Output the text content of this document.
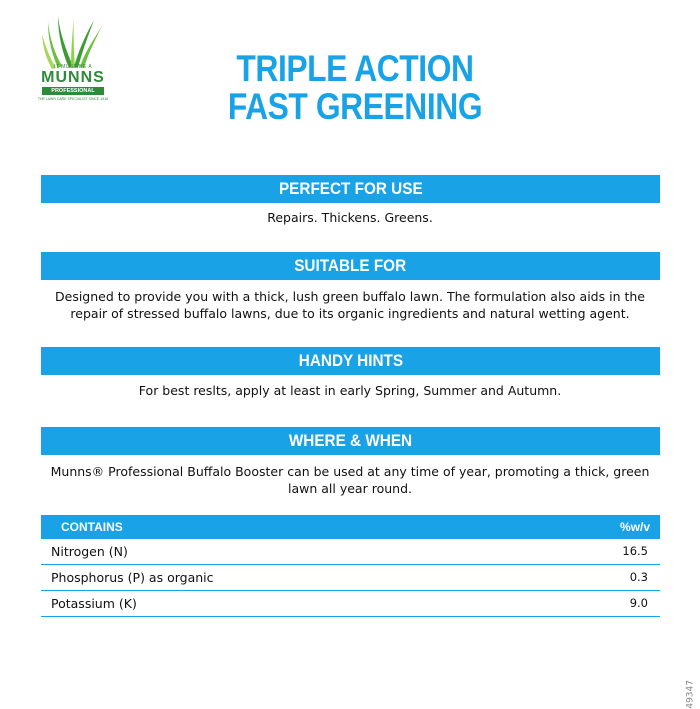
IT MUST BE A
MUNNS
PROFESSIONAL
THE LAWN CARE SPECIALIST SINCE 1916
TRIPLE ACTION
FAST GREENING
PERFECT FOR USE
Repairs. Thickens. Greens.
SUITABLE FOR
Designed to provide you with a thick, lush green buffalo lawn. The formulation also aids in the repair of stressed buffalo lawns, due to its organic ingredients and natural wetting agent.
HANDY HINTS
For best reslts, apply at least in early Spring, Summer and Autumn.
WHERE & WHEN
Munns® Professional Buffalo Booster can be used at any time of year, promoting a thick, green lawn all year round.
CONTAINS	%w/v
Nitrogen (N)	16.5
Phosphorus (P) as organic	0.3
Potassium (K)	9.0
49347
